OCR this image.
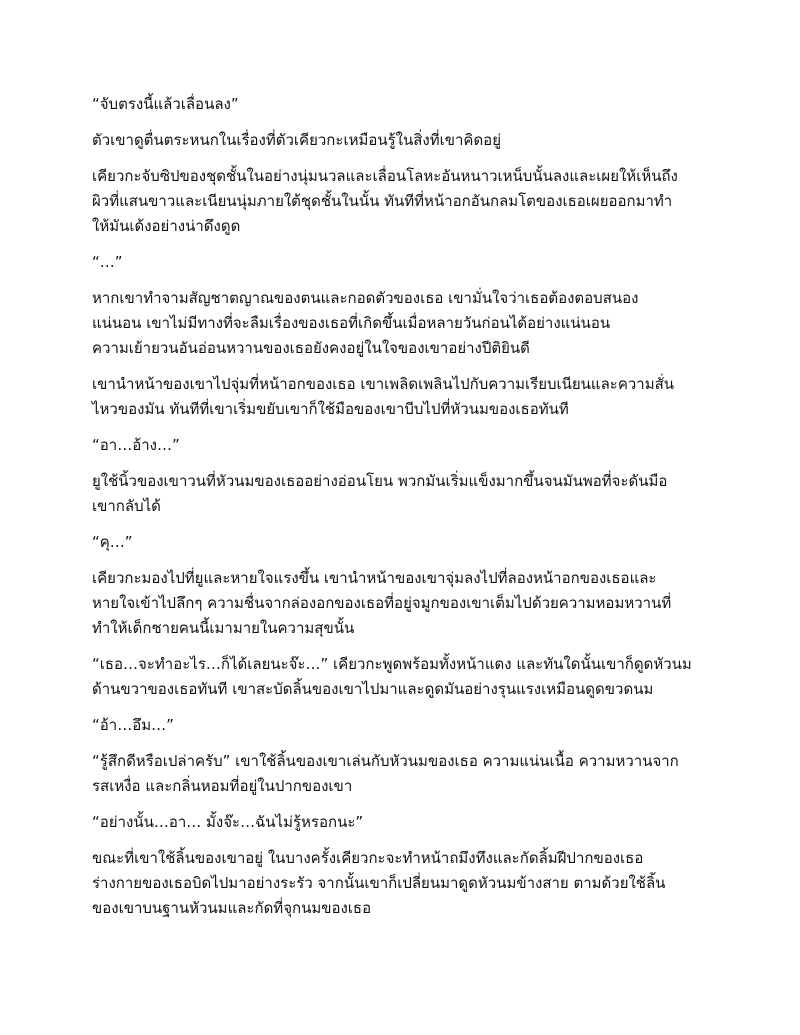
“จับตรงนี้แล้วเลื่อนลง”

ตัวเขาดูตื่นตระหนกในเรื่องที่ตัวเคียวกะเหมือนรู้ในสิ่งที่เขาคิดอยู่

เคียวกะจับซิปของชุดชั้นในอย่างนุ่มนวลและเลื่อนโลหะอันหนาวเหน็บนั้นลงและเผยให้เห็นถึง
ผิวที่แสนขาวและเนียนนุ่มภายใต้ชุดชั้นในนั้น ทันทีที่หน้าอกอันกลมโตของเธอเผยออกมาทำ
ให้มันเด้งอย่างน่าดึงดูด

“…”

หากเขาทำจามสัญชาตญาณของตนและกอดตัวของเธอ เขามั่นใจว่าเธอต้องตอบสนอง
แน่นอน เขาไม่มีทางที่จะลืมเรื่องของเธอที่เกิดขึ้นเมื่อหลายวันก่อนได้อย่างแน่นอน
ความเย้ายวนอันอ่อนหวานของเธอยังคงอยู่ในใจของเขาอย่างปีติยินดี

เขานำหน้าของเขาไปจุ่มที่หน้าอกของเธอ เขาเพลิดเพลินไปกับความเรียบเนียนและความสั่น
ไหวของมัน ทันทีที่เขาเริ่มขยับเขาก็ใช้มือของเขาบีบไปที่หัวนมของเธอทันที

“อา…อ้าง…”

ยูใช้นิ้วของเขาวนที่หัวนมของเธออย่างอ่อนโยน พวกมันเริ่มแข็งมากขึ้นจนมันพอที่จะดันมือ
เขากลับได้

“คุ…”

เคียวกะมองไปที่ยูและหายใจแรงขึ้น เขานำหน้าของเขาจุ่มลงไปที่ลองหน้าอกของเธอและ
หายใจเข้าไปลึกๆ ความชื่นจากล่องอกของเธอที่อยู่จมูกของเขาเต็มไปด้วยความหอมหวานที่
ทำให้เด็กชายคนนี้เมามายในความสุขนั้น

“เธอ…จะทำอะไร…ก็ได้เลยนะจ๊ะ…” เคียวกะพูดพร้อมทั้งหน้าแดง และทันใดนั้นเขาก็ดูดหัวนม
ด้านขวาของเธอทันที เขาสะบัดลิ้นของเขาไปมาและดูดมันอย่างรุนแรงเหมือนดูดขวดนม

“อ้า…อึม…”

“รู้สึกดีหรือเปล่าครับ” เขาใช้ลิ้นของเขาเล่นกับหัวนมของเธอ ความแน่นเนื้อ ความหวานจาก
รสเหงื่อ และกลิ่นหอมที่อยู่ในปากของเขา

“อย่างนั้น…อา… มั้งจ๊ะ…ฉันไม่รู้หรอกนะ”

ขณะที่เขาใช้ลิ้นของเขาอยู่ ในบางครั้งเคียวกะจะทำหน้าถมึงทึงและกัดลิ้มฝีปากของเธอ
ร่างกายของเธอบิดไปมาอย่างระรัว จากนั้นเขาก็เปลี่ยนมาดูดหัวนมข้างสาย ตามด้วยใช้ลิ้น
ของเขาบนฐานหัวนมและกัดที่จุกนมของเธอ
